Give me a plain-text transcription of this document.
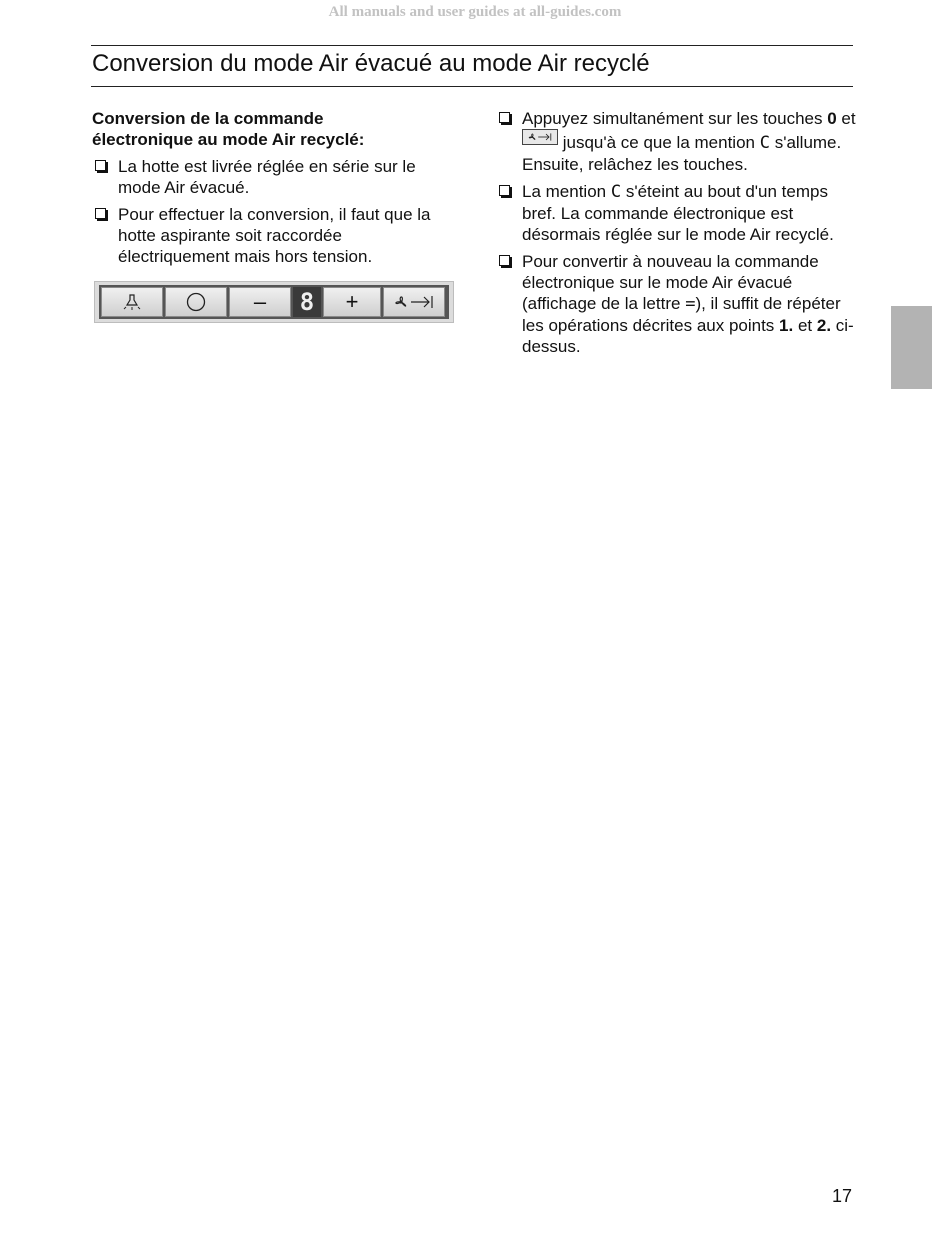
All manuals and user guides at all-guides.com
Conversion du mode Air évacué au mode Air recyclé
Conversion de la commande
électronique au mode Air recyclé:
La hotte est livrée réglée en série sur le mode Air évacué.
Pour effectuer la conversion, il faut que la hotte aspirante soit raccordée électriquement mais hors tension.
–	8	+
Appuyez simultanément sur les touches 0 et
jusqu'à ce que la mention C s'allume. Ensuite, relâchez les touches.
La mention C s'éteint au bout d'un temps bref. La commande électronique est désormais réglée sur le mode Air recyclé.
Pour convertir à nouveau la commande électronique sur le mode Air évacué (affichage de la lettre =), il suffit de répéter les opérations décrites aux points 1. et 2. ci-dessus.
17
